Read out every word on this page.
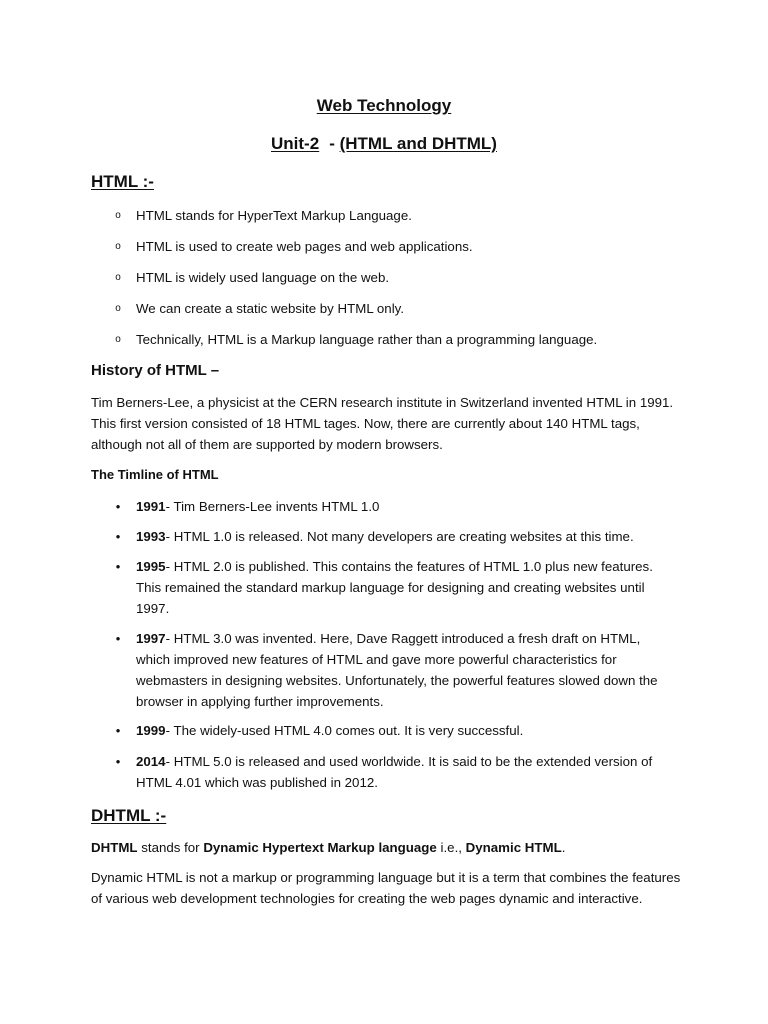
Web Technology
Unit-2 - (HTML and DHTML)
HTML :-
o HTML stands for HyperText Markup Language.
o HTML is used to create web pages and web applications.
o HTML is widely used language on the web.
o We can create a static website by HTML only.
o Technically, HTML is a Markup language rather than a programming language.
History of HTML –

Tim Berners-Lee, a physicist at the CERN research institute in Switzerland invented HTML in 1991. This first version consisted of 18 HTML tages. Now, there are currently about 140 HTML tags, although not all of them are supported by modern browsers.

The Timline of HTML
• 1991- Tim Berners-Lee invents HTML 1.0
• 1993- HTML 1.0 is released. Not many developers are creating websites at this time.
• 1995- HTML 2.0 is published. This contains the features of HTML 1.0 plus new features. This remained the standard markup language for designing and creating websites until 1997.
• 1997- HTML 3.0 was invented. Here, Dave Raggett introduced a fresh draft on HTML, which improved new features of HTML and gave more powerful characteristics for webmasters in designing websites. Unfortunately, the powerful features slowed down the browser in applying further improvements.
• 1999- The widely-used HTML 4.0 comes out. It is very successful.
• 2014- HTML 5.0 is released and used worldwide. It is said to be the extended version of HTML 4.01 which was published in 2012.
DHTML :-

DHTML stands for Dynamic Hypertext Markup language i.e., Dynamic HTML.

Dynamic HTML is not a markup or programming language but it is a term that combines the features of various web development technologies for creating the web pages dynamic and interactive.
